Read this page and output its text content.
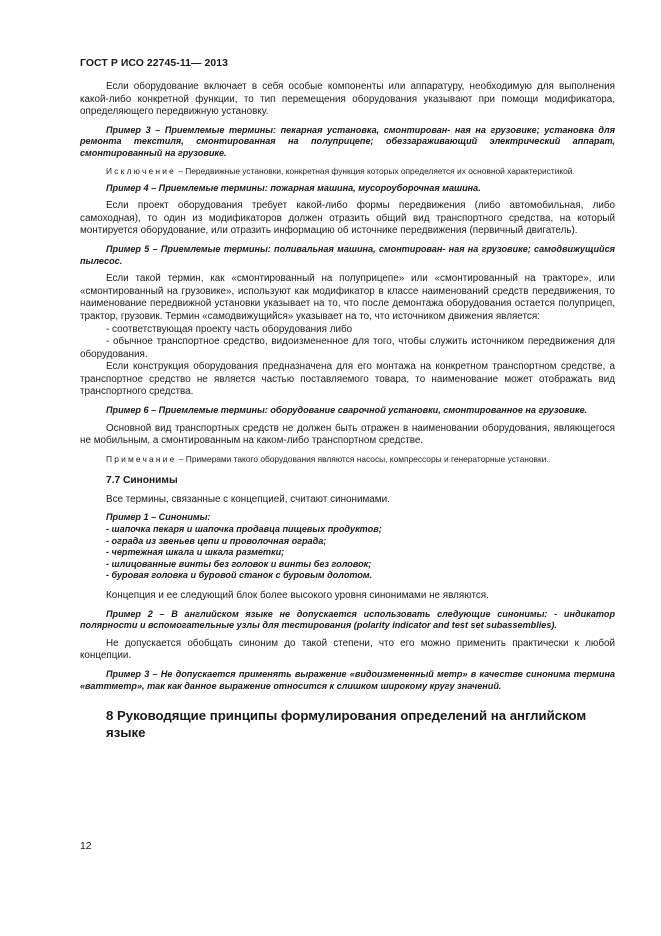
ГОСТ Р ИСО 22745-11— 2013

Если оборудование включает в себя особые компоненты или аппаратуру, необходимую для выполнения какой-либо конкретной функции, то тип перемещения оборудования указывают при помощи модификатора, определяющего передвижную установку.

Пример 3 – Приемлемые термины: пекарная установка, смонтирован- ная на грузовике; установка для ремонта текстиля, смонтированная на полуприцепе; обеззараживающий электрический аппарат, смонтированный на грузовике.

Исключение – Передвижные установки, конкретная функция которых определяется их основной характеристикой.

Пример 4 – Приемлемые термины: пожарная машина, мусороуборочная машина.

Если проект оборудования требует какой-либо формы передвижения (либо автомобильная, либо самоходная), то один из модификаторов должен отразить общий вид транспортного средства, на который монтируется оборудование, или отразить информацию об источнике передвижения (первичный двигатель).

Пример 5 – Приемлемые термины: поливальная машина, смонтирован- ная на грузовике; самодвижущийся пылесос.

Если такой термин, как «смонтированный на полуприцепе» или «смонтированный на тракторе», или «смонтированный на грузовике», используют как модификатор в классе наименований средств передвижения, то наименование передвижной установки указывает на то, что после демонтажа оборудования остается полуприцеп, трактор, грузовик. Термин «самодвижущийся» указывает на то, что источником движения является:

- соответствующая проекту часть оборудования либо
- обычное транспортное средство, видоизмененное для того, чтобы служить источником передвижения для оборудования.

Если конструкция оборудования предназначена для его монтажа на конкретном транспортном средстве, а транспортное средство не является частью поставляемого товара, то наименование может отображать вид транспортного средства.

Пример 6 – Приемлемые термины: оборудование сварочной установки, смонтированное на грузовике.

Основной вид транспортных средств не должен быть отражен в наименовании оборудования, являющегося не мобильным, а смонтированным на каком-либо транспортном средстве.

Примечание – Примерами такого оборудования являются насосы, компрессоры и генераторные установки.

7.7 Синонимы

Все термины, связанные с концепцией, считают синонимами.

Пример 1 – Синонимы:
- шапочка пекаря и шапочка продавца пищевых продуктов;
- ограда из звеньев цепи и проволочная ограда;
- чертежная шкала и шкала разметки;
- шлицованные винты без головок и винты без головок;
- буровая головка и буровой станок с буровым долотом.

Концепция и ее следующий блок более высокого уровня синонимами не являются.

Пример 2 – В английском языке не допускается использовать следующие синонимы: - индикатор полярности и вспомогательные узлы для тестирования (polarity indicator and test set subassemblies).

Не допускается обобщать синоним до такой степени, что его можно применить практически к любой концепции.

Пример 3 – Не допускается применять выражение «видоизмененный метр» в качестве синонима термина «ваттметр», так как данное выражение относится к слишком широкому кругу значений.

8 Руководящие принципы формулирования определений на английском языке
12
